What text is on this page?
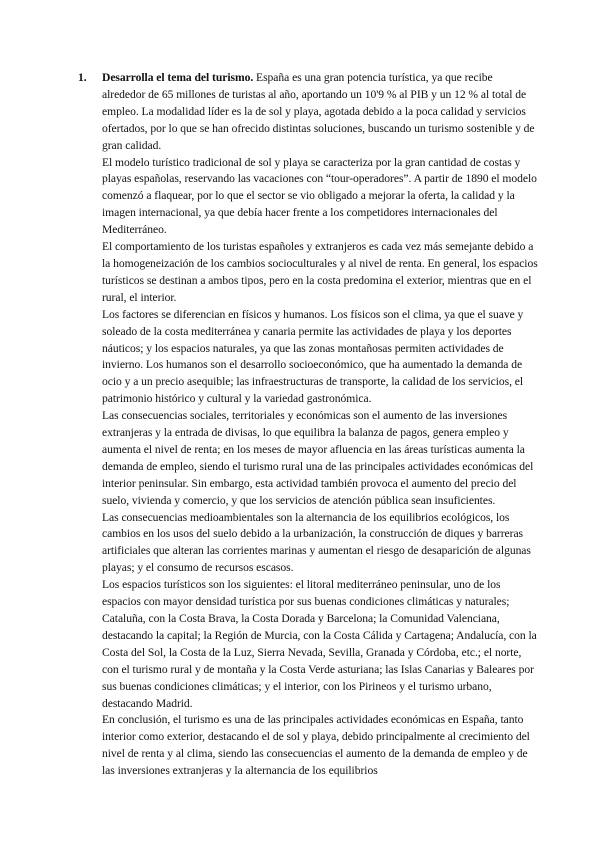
1. Desarrolla el tema del turismo. España es una gran potencia turística, ya que recibe alrededor de 65 millones de turistas al año, aportando un 10'9 % al PIB y un 12 % al total de empleo. La modalidad líder es la de sol y playa, agotada debido a la poca calidad y servicios ofertados, por lo que se han ofrecido distintas soluciones, buscando un turismo sostenible y de gran calidad.

El modelo turístico tradicional de sol y playa se caracteriza por la gran cantidad de costas y playas españolas, reservando las vacaciones con “tour-operadores”. A partir de 1890 el modelo comenzó a flaquear, por lo que el sector se vio obligado a mejorar la oferta, la calidad y la imagen internacional, ya que debía hacer frente a los competidores internacionales del Mediterráneo.

El comportamiento de los turistas españoles y extranjeros es cada vez más semejante debido a la homogeneización de los cambios socioculturales y al nivel de renta. En general, los espacios turísticos se destinan a ambos tipos, pero en la costa predomina el exterior, mientras que en el rural, el interior.

Los factores se diferencian en físicos y humanos. Los físicos son el clima, ya que el suave y soleado de la costa mediterránea y canaria permite las actividades de playa y los deportes náuticos; y los espacios naturales, ya que las zonas montañosas permiten actividades de invierno. Los humanos son el desarrollo socioeconómico, que ha aumentado la demanda de ocio y a un precio asequible; las infraestructuras de transporte, la calidad de los servicios, el patrimonio histórico y cultural y la variedad gastronómica.

Las consecuencias sociales, territoriales y económicas son el aumento de las inversiones extranjeras y la entrada de divisas, lo que equilibra la balanza de pagos, genera empleo y aumenta el nivel de renta; en los meses de mayor afluencia en las áreas turísticas aumenta la demanda de empleo, siendo el turismo rural una de las principales actividades económicas del interior peninsular. Sin embargo, esta actividad también provoca el aumento del precio del suelo, vivienda y comercio, y que los servicios de atención pública sean insuficientes.

Las consecuencias medioambientales son la alternancia de los equilibrios ecológicos, los cambios en los usos del suelo debido a la urbanización, la construcción de diques y barreras artificiales que alteran las corrientes marinas y aumentan el riesgo de desaparición de algunas playas; y el consumo de recursos escasos.

Los espacios turísticos son los siguientes: el litoral mediterráneo peninsular, uno de los espacios con mayor densidad turística por sus buenas condiciones climáticas y naturales; Cataluña, con la Costa Brava, la Costa Dorada y Barcelona; la Comunidad Valenciana, destacando la capital; la Región de Murcia, con la Costa Cálida y Cartagena; Andalucía, con la Costa del Sol, la Costa de la Luz, Sierra Nevada, Sevilla, Granada y Córdoba, etc.; el norte, con el turismo rural y de montaña y la Costa Verde asturiana; las Islas Canarias y Baleares por sus buenas condiciones climáticas; y el interior, con los Pirineos y el turismo urbano, destacando Madrid.

En conclusión, el turismo es una de las principales actividades económicas en España, tanto interior como exterior, destacando el de sol y playa, debido principalmente al crecimiento del nivel de renta y al clima, siendo las consecuencias el aumento de la demanda de empleo y de las inversiones extranjeras y la alternancia de los equilibrios
